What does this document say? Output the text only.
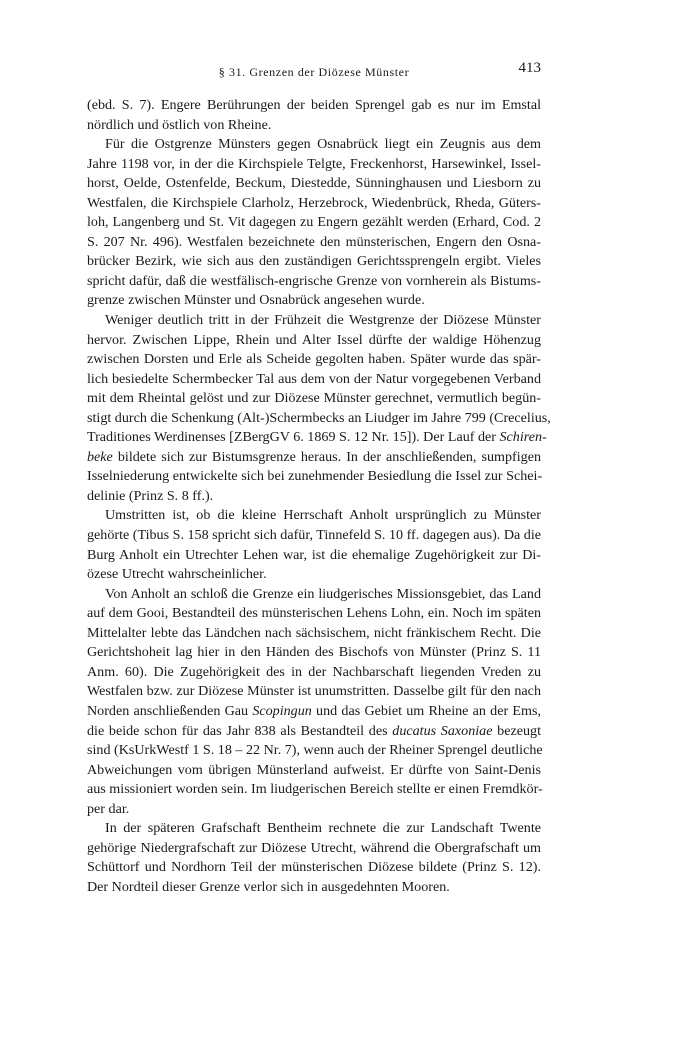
§ 31. Grenzen der Diözese Münster	413
(ebd. S. 7). Engere Berührungen der beiden Sprengel gab es nur im Emstal
nördlich und östlich von Rheine.
Für die Ostgrenze Münsters gegen Osnabrück liegt ein Zeugnis aus dem
Jahre 1198 vor, in der die Kirchspiele Telgte, Freckenhorst, Harsewinkel, Issel-
horst, Oelde, Ostenfelde, Beckum, Diestedde, Sünninghausen und Liesborn zu
Westfalen, die Kirchspiele Clarholz, Herzebrock, Wiedenbrück, Rheda, Güters-
loh, Langenberg und St. Vit dagegen zu Engern gezählt werden (Erhard, Cod. 2
S. 207 Nr. 496). Westfalen bezeichnete den münsterischen, Engern den Osna-
brücker Bezirk, wie sich aus den zuständigen Gerichtssprengeln ergibt. Vieles
spricht dafür, daß die westfälisch-engrische Grenze von vornherein als Bistums-
grenze zwischen Münster und Osnabrück angesehen wurde.
Weniger deutlich tritt in der Frühzeit die Westgrenze der Diözese Münster
hervor. Zwischen Lippe, Rhein und Alter Issel dürfte der waldige Höhenzug
zwischen Dorsten und Erle als Scheide gegolten haben. Später wurde das spär-
lich besiedelte Schermbecker Tal aus dem von der Natur vorgegebenen Verband
mit dem Rheintal gelöst und zur Diözese Münster gerechnet, vermutlich begün-
stigt durch die Schenkung (Alt-)Schermbecks an Liudger im Jahre 799 (Crecelius,
Traditiones Werdinenses [ZBergGV 6. 1869 S. 12 Nr. 15]). Der Lauf der Schiren-
beke bildete sich zur Bistumsgrenze heraus. In der anschließenden, sumpfigen
Isselniederung entwickelte sich bei zunehmender Besiedlung die Issel zur Schei-
delinie (Prinz S. 8 ff.).
Umstritten ist, ob die kleine Herrschaft Anholt ursprünglich zu Münster
gehörte (Tibus S. 158 spricht sich dafür, Tinnefeld S. 10 ff. dagegen aus). Da die
Burg Anholt ein Utrechter Lehen war, ist die ehemalige Zugehörigkeit zur Di-
özese Utrecht wahrscheinlicher.
Von Anholt an schloß die Grenze ein liudgerisches Missionsgebiet, das Land
auf dem Gooi, Bestandteil des münsterischen Lehens Lohn, ein. Noch im späten
Mittelalter lebte das Ländchen nach sächsischem, nicht fränkischem Recht. Die
Gerichtshoheit lag hier in den Händen des Bischofs von Münster (Prinz S. 11
Anm. 60). Die Zugehörigkeit des in der Nachbarschaft liegenden Vreden zu
Westfalen bzw. zur Diözese Münster ist unumstritten. Dasselbe gilt für den nach
Norden anschließenden Gau Scopingun und das Gebiet um Rheine an der Ems,
die beide schon für das Jahr 838 als Bestandteil des ducatus Saxoniae bezeugt
sind (KsUrkWestf 1 S. 18 – 22 Nr. 7), wenn auch der Rheiner Sprengel deutliche
Abweichungen vom übrigen Münsterland aufweist. Er dürfte von Saint-Denis
aus missioniert worden sein. Im liudgerischen Bereich stellte er einen Fremdkör-
per dar.
In der späteren Grafschaft Bentheim rechnete die zur Landschaft Twente
gehörige Niedergrafschaft zur Diözese Utrecht, während die Obergrafschaft um
Schüttorf und Nordhorn Teil der münsterischen Diözese bildete (Prinz S. 12).
Der Nordteil dieser Grenze verlor sich in ausgedehnten Mooren.
